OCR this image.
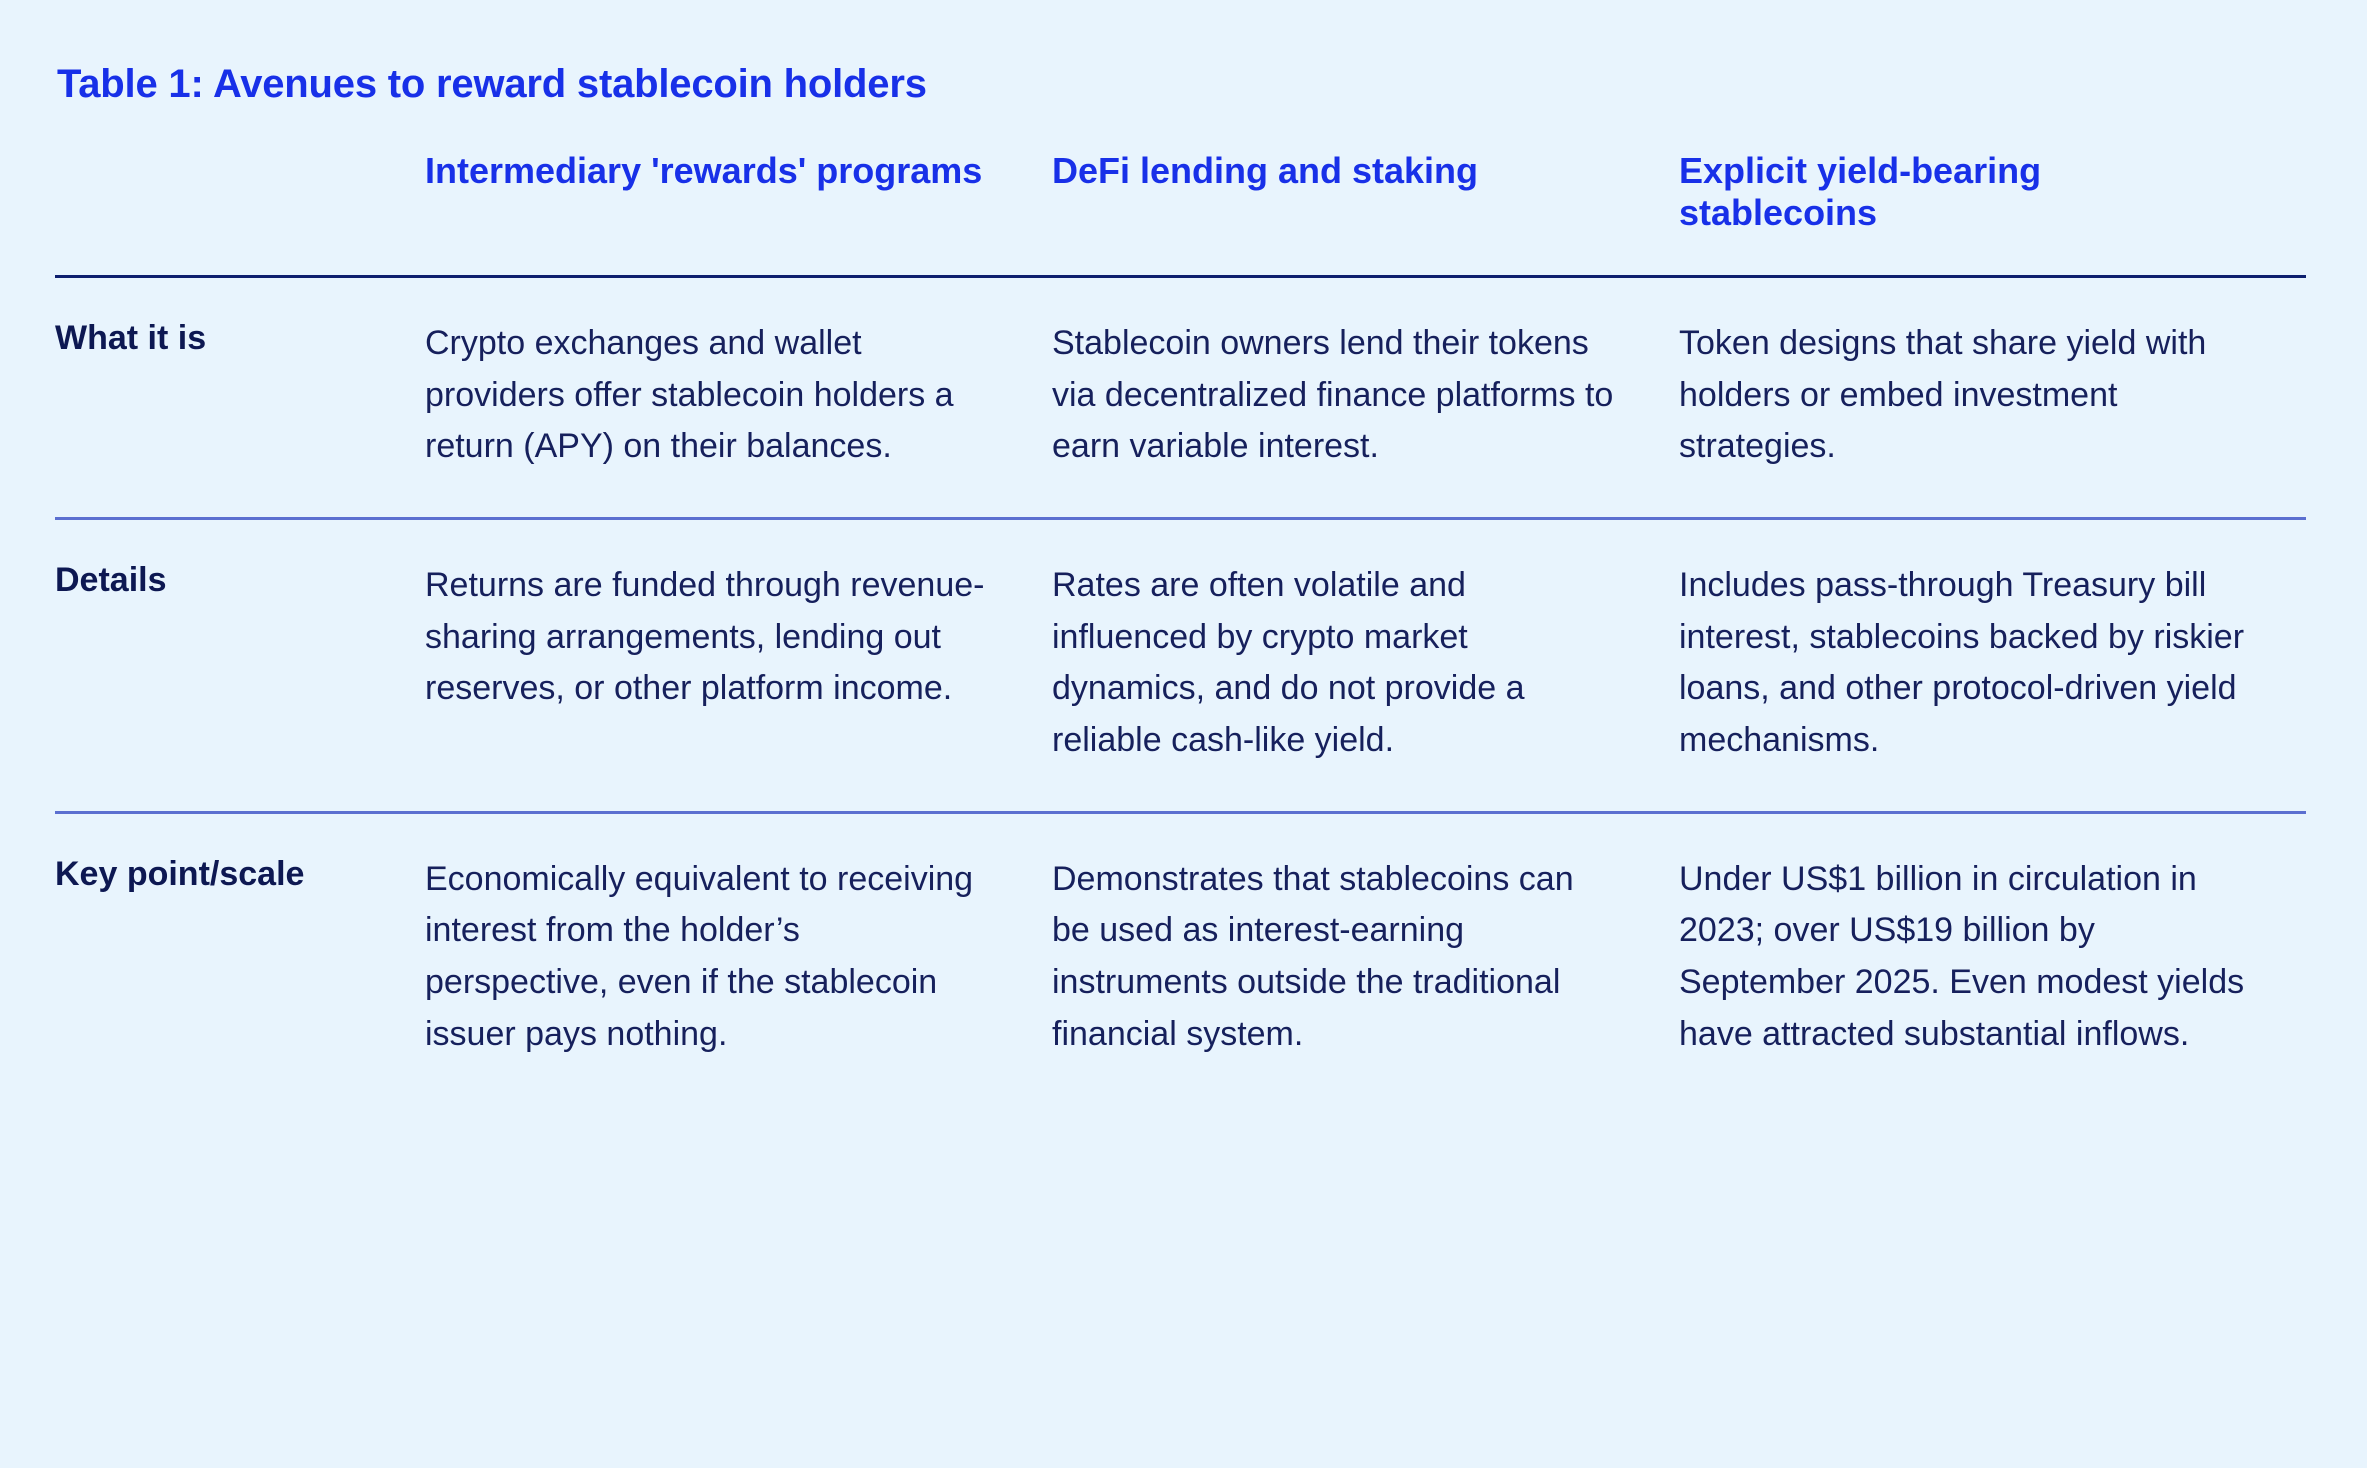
Table 1: Avenues to reward stablecoin holders
	Intermediary 'rewards' programs	DeFi lending and staking	Explicit yield-bearing stablecoins
What it is	Crypto exchanges and wallet providers offer stablecoin holders a return (APY) on their balances.	Stablecoin owners lend their tokens via decentralized finance platforms to earn variable interest.	Token designs that share yield with holders or embed investment strategies.
Details	Returns are funded through revenue-sharing arrangements, lending out reserves, or other platform income.	Rates are often volatile and influenced by crypto market dynamics, and do not provide a reliable cash-like yield.	Includes pass-through Treasury bill interest, stablecoins backed by riskier loans, and other protocol-driven yield mechanisms.
Key point/scale	Economically equivalent to receiving interest from the holder’s perspective, even if the stablecoin issuer pays nothing.	Demonstrates that stablecoins can be used as interest-earning instruments outside the traditional financial system.	Under US$1 billion in circulation in 2023; over US$19 billion by September 2025. Even modest yields have attracted substantial inflows.
